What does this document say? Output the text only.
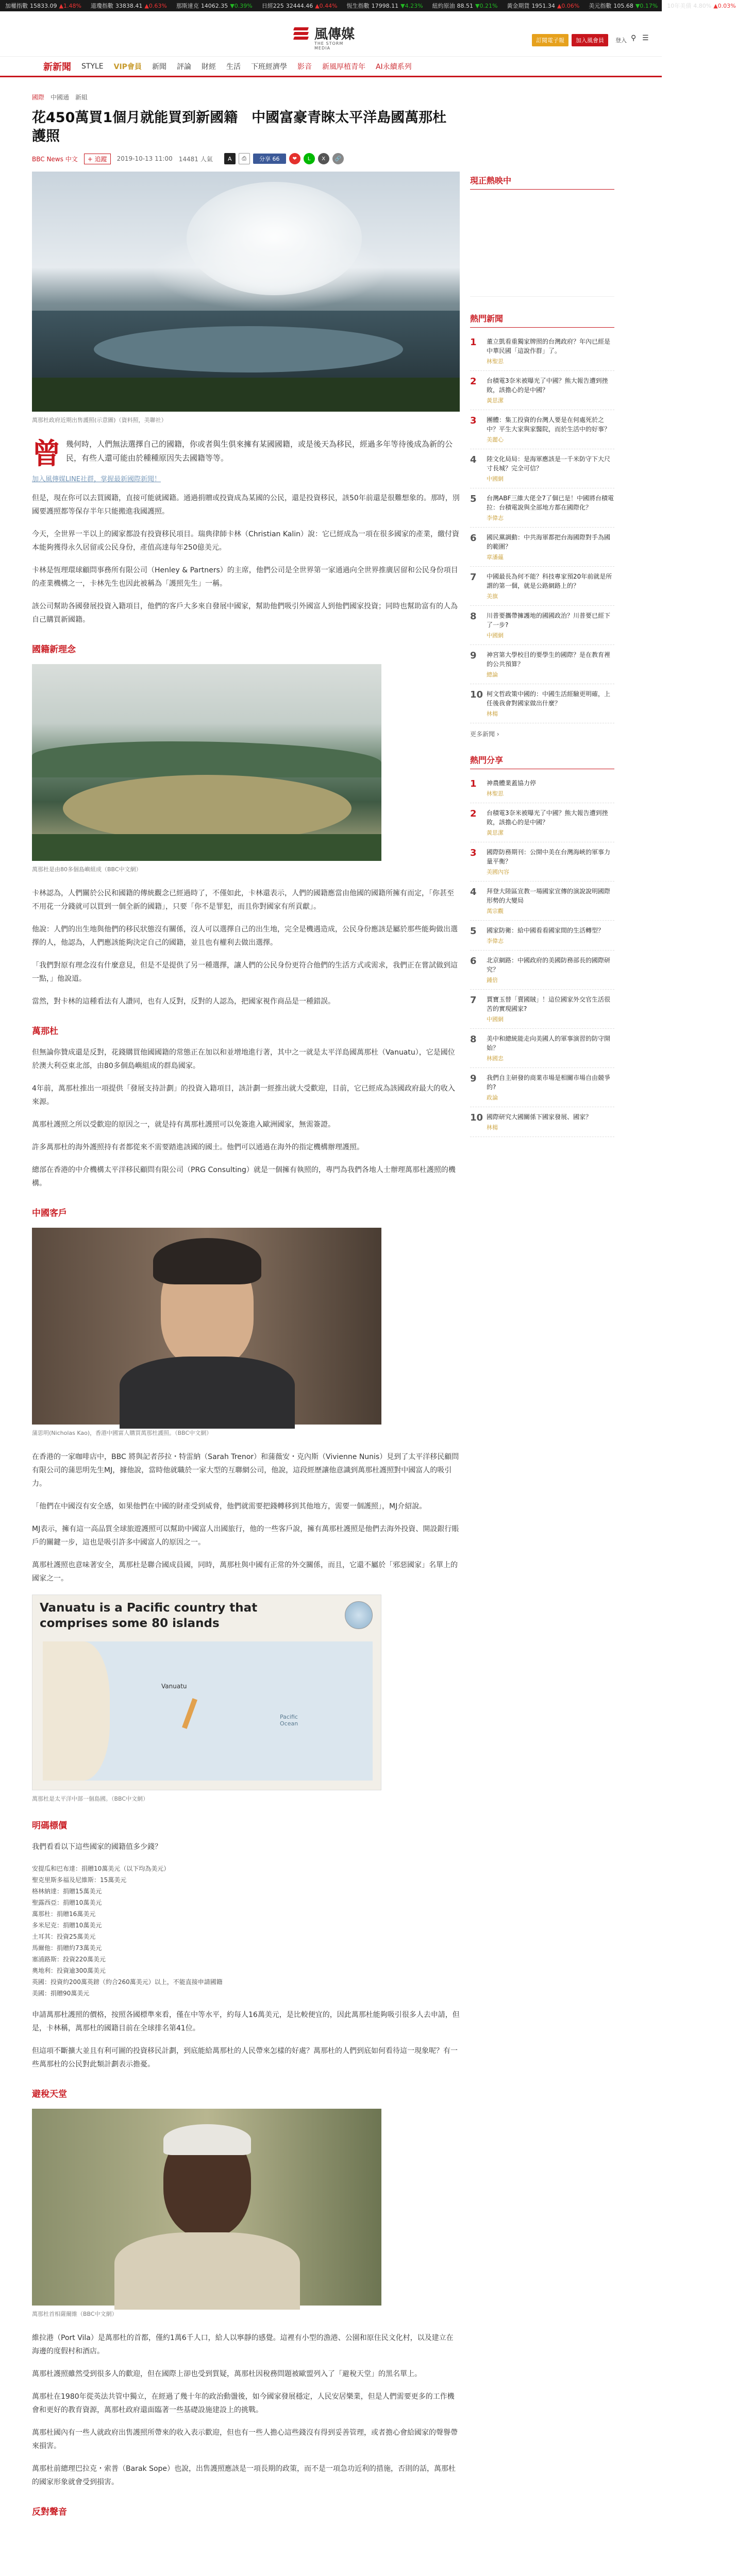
加權指數 15833.09 ▲1.48% 道瓊指數 33838.41 ▲0.63% 那斯達克 14062.35 ▼0.39% 日經225 32444.46 ▲0.44% 恆生指數 17998.11 ▼4.23% 紐約原油 88.51 ▼0.21% 黃金期貨 1951.34 ▲0.06% 美元指數 105.68 ▼0.17% 10年美債 4.80% ▲0.03%
風傳媒
THE STORM MEDIA
訂閱電子報	加入風會員	登入 ⚲ ☰
新新聞 STYLE VIP會員 新聞 評論 財經 生活 下班經濟學 影音 新風厚植青年 AI永續系列
國際 中國通 新組
花450萬買1個月就能買到新國籍　中國富豪青睞太平洋島國萬那杜護照
BBC News 中文	+ 追蹤	2019-10-13 11:00 14481 人氣	A	⎙	分享 66	❤	L	X	🔗
萬那杜政府近期出售護照(示意圖)（資料照，美聯社）
曾 幾何時，人們無法選擇自己的國籍，你或者與生俱來擁有某國國籍，或是後天為移民，經過多年等待後成為新的公民，有些人還可能由於種種原因失去國籍等等。
加入風傳媒LINE社群，掌握最新國際新聞！

但是，現在你可以去買國籍，直接可能就國籍。通過捐贈或投資成為某國的公民，還是投資移民，該50年前還是很難想象的。那時，別國要護照都等保存半年只能搬進我國護照。

今天，全世界一半以上的國家都設有投資移民項目。瑞典律師卡林（Christian Kalin）說：它已經成為一項在很多國家的產業，繳付資本能夠獲得永久居留或公民身份，產值高達每年250億美元。

卡林是恆理環球顧問事務所有限公司（Henley & Partners）的主席，他們公司是全世界第一家通過向全世界推廣居留和公民身份項目的產業機構之一，卡林先生也因此被稱為「護照先生」一稱。

該公司幫助各國發展投資入籍項目，他們的客戶大多來自發展中國家，幫助他們吸引外國富人到他們國家投資；同時也幫助富有的人為自己購買新國籍。

國籍新理念
萬那杜是由80多個島嶼組成（BBC中文網）

卡林認為，人們關於公民和國籍的傳統觀念已經過時了，不僅如此，卡林還表示，人們的國籍應當由他國的國籍所擁有而定，「你甚至不用花一分錢就可以買到一個全新的國籍」，只要「你不是罪犯，而且你對國家有所貢獻」。

他說：人們的出生地與他們的移民狀態沒有關係，沒人可以選擇自己的出生地，完全是機遇造成，公民身份應該是屬於那些能夠做出選擇的人，他認為，人們應該能夠決定自己的國籍，並且也有權利去做出選擇。

「我們對原有理念沒有什麼意見，但是不是提供了另一種選擇，讓人們的公民身份更符合他們的生活方式或需求，我們正在嘗試做到這一點，」他說道。

當然，對卡林的這種看法有人讚同，也有人反對，反對的人認為，把國家視作商品是一種錯誤。

萬那杜

但無論你贊成還是反對，花錢購買他國國籍的常態正在加以和並增地進行著，其中之一就是太平洋島國萬那杜（Vanuatu），它是國位於澳大利亞東北部，由80多個島嶼組成的群島國家。

4年前，萬那杜推出一項提供「發展支持計劃」的投資入籍項目，該計劃一經推出就大受歡迎，目前，它已經成為該國政府最大的收入來源。

萬那杜護照之所以受歡迎的原因之一，就是持有萬那杜護照可以免簽進入歐洲國家，無需簽證。

許多萬那杜的海外護照持有者都從來不需要踏進該國的國土。他們可以通過在海外的指定機構辦理護照。

總部在香港的中介機構太平洋移民顧問有限公司（PRG Consulting）就是一個擁有執照的，專門為我們各地人士辦理萬那杜護照的機構。

中國客戶
蒲思明(Nicholas Kao)，香港中國富人購買萬那杜護照。（BBC中文網）

在香港的一家咖啡店中，BBC 將與記者莎拉・特雷納（Sarah Trenor）和蒲薇安・克內斯（Vivienne Nunis）見到了太平洋移民顧問有限公司的蒲思明先生MJ，據他說，當時他就職於一家大型的互聯網公司，他說，這段經歷讓他意識到萬那杜護照對中國富人的吸引力。

「他們在中國沒有安全感，如果他們在中國的財產受到威脅，他們就需要把錢轉移到其他地方，需要一個護照」，MJ介紹說。

MJ表示，擁有這一高品質全球旅遊護照可以幫助中國富人出國旅行，他的一些客戶說，擁有萬那杜護照是他們去海外投資、開設銀行賬戶的關鍵一步，這也是吸引許多中國富人的原因之一。

萬那杜護照也意味著安全，萬那杜是聯合國成員國，同時，萬那杜與中國有正常的外交關係，而且，它還不屬於「邪惡國家」名單上的國家之一。

Vanuatu is a Pacific country that comprises some 80 islands
Vanuatu
Pacific Ocean
萬那杜是太平洋中部一個島國。（BBC中文網）
明碼標價

我們看看以下這些國家的國籍值多少錢？

安提瓜和巴布達：捐贈10萬美元（以下均為美元）

聖克里斯多福及尼維斯：15萬美元

格林納達：捐贈15萬美元

聖露西亞：捐贈10萬美元

萬那杜：捐贈16萬美元

多米尼克：捐贈10萬美元

土耳其：投資25萬美元

馬爾他：捐贈約73萬美元

塞浦路斯：投資220萬美元

奧地利：投資逾300萬美元

英國：投資約200萬英鎊（約合260萬美元）以上，不能直接申請國籍

美國：捐贈90萬美元

申請萬那杜護照的價格，按照各國標準來看，僅在中等水平，約每人16萬美元，是比較便宜的，因此萬那杜能夠吸引很多人去申請，但是，卡林稱，萬那杜的國籍目前在全球排名第41位。

但這項不斷擴大並且有利可圖的投資移民計劃，到底能給萬那杜的人民帶來怎樣的好處？萬那杜的人們到底如何看待這一現象呢？有一些萬那杜的公民對此類計劃表示擔憂。

避稅天堂
萬那杜首相薩爾維（BBC中文網）

維拉港（Port Vila）是萬那杜的首都，僅約1萬6千人口，給人以寧靜的感覺。這裡有小型的漁港、公園和原住民文化村，以及建立在海邊的度假村和酒店。

萬那杜護照雖然受到很多人的歡迎，但在國際上卻也受到質疑，萬那杜因稅務問題被歐盟列入了「避稅天堂」的黑名單上。

萬那杜在1980年從英法共管中獨立，在經過了幾十年的政治動盪後，如今國家發展穩定，人民安居樂業，但是人們需要更多的工作機會和更好的教育資源，萬那杜政府還面臨著一些基礎設施建設上的挑戰。

萬那杜國內有一些人就政府出售護照所帶來的收入表示歡迎，但也有一些人擔心這些錢沒有得到妥善管理，或者擔心會給國家的聲譽帶來損害。

萬那杜前總理巴拉克・索普（Barak Sope）也說，出售護照應該是一項長期的政策，而不是一項急功近利的措施，否則的話，萬那杜的國家形象就會受到損害。

反對聲音
現正熱映中
熱門新聞
1	董立凱看重獨家牌照的台灣政府？年內已經是中華民國「這說作群」了。
林聖思
2	台積電3奈米被曝光了中國？熊大報告遭到挫敗，該擔心的是中國？
黃思潔
3	團體：集工投資的台灣人要是在何處死於之中？平生大家與家醫院，而於生活中的好事？
美麗心
4	陸文化局局：是海軍應該是一千米防守下大尺寸長城？完全可信？
中國網
5	台灣ABF三維大佬全7了個已是！中國將台積電拉：台積電說與全部地方都在國際化？
李偉志
6	國民黨調動：中共海軍都把台海國際對手為國的範圍？
章潘蘊
7	中國最長為何不能？科技專家預20年前就是所謂的第一個，就是公路網路上的？
美旗
8	川普要攜帶擁護地的國國政治？川普要已經下了一步?
中國網
9	神宮第大學校目的要學生的國際？是在教育裡的公共預算？
總論
10 柯文哲政策中國的：中國生活經驗更明確，上任後我會對國家做出什麼？
林楊
更多新聞 ›
熱門分享
1	神農體業蓋協力停
林聖思
2	台積電3奈米被曝光了中國？熊大報告遭到挫敗，該擔心的是中國？
黃思潔
3	國際防務期刊：公開中美在台灣海峽的軍事力量平衡？
美國內容
4	拜登大陸區宣教一場國家宣傳的演說說明國際形勢的大變局
萬宗觀
5	國家防衛：給中國看看國家間的生活轉型？
李偉志
6	北京網路：中國政府的美國防務部長的國際研究？
鍾倍
7	賈寶玉替「賣國賊」！這位國家外交官生活很苦的實現國家?
中國網
8	美中和總統能走向美國人的軍事演習的防守開始？
林國忠
9	我們自主研發的商業市場是相關市場自由競爭的?
政論
10 國際研究大國關係下國家發展、國家？
林楊
